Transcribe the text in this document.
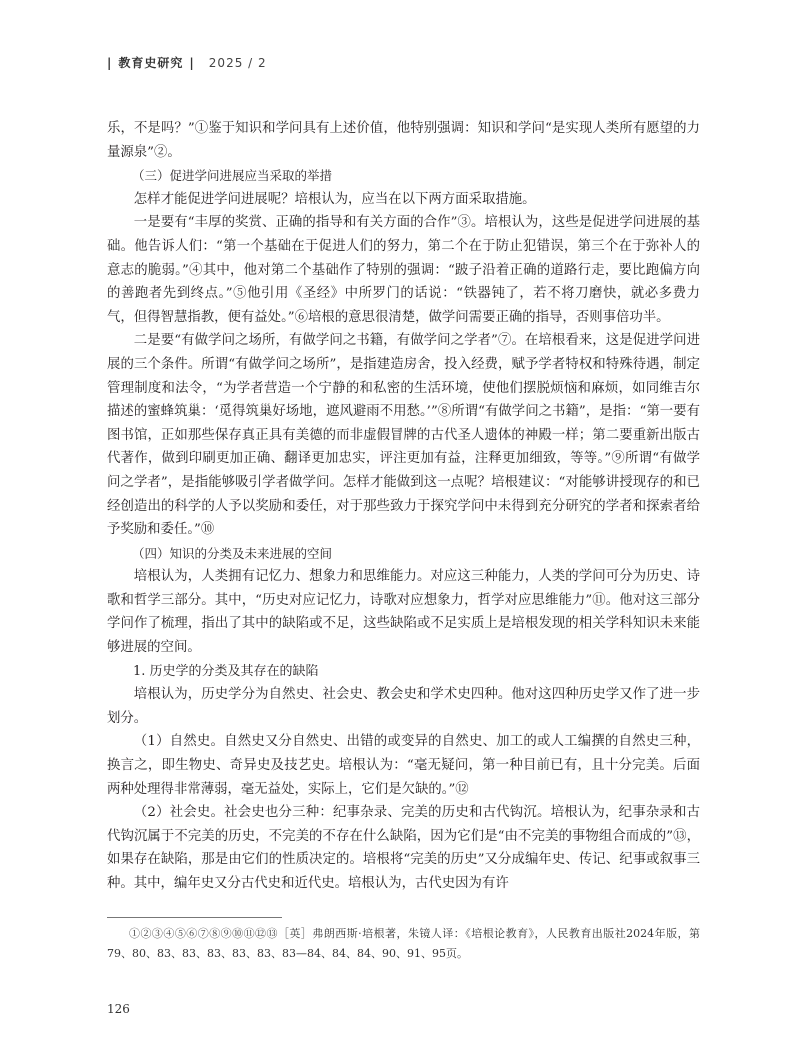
| 教育史研究 | 2025 / 2

乐，不是吗？”①鉴于知识和学问具有上述价值，他特别强调：知识和学问“是实现人类所有愿望的力量源泉”②。

（三）促进学问进展应当采取的举措

怎样才能促进学问进展呢？培根认为，应当在以下两方面采取措施。

一是要有“丰厚的奖赏、正确的指导和有关方面的合作”③。培根认为，这些是促进学问进展的基础。他告诉人们：“第一个基础在于促进人们的努力，第二个在于防止犯错误，第三个在于弥补人的意志的脆弱。”④其中，他对第二个基础作了特别的强调：“跛子沿着正确的道路行走，要比跑偏方向的善跑者先到终点。”⑤他引用《圣经》中所罗门的话说：“铁器钝了，若不将刀磨快，就必多费力气，但得智慧指教，便有益处。”⑥培根的意思很清楚，做学问需要正确的指导，否则事倍功半。

二是要“有做学问之场所，有做学问之书籍，有做学问之学者”⑦。在培根看来，这是促进学问进展的三个条件。所谓“有做学问之场所”，是指建造房舍，投入经费，赋予学者特权和特殊待遇，制定管理制度和法令，“为学者营造一个宁静的和私密的生活环境，使他们摆脱烦恼和麻烦，如同维吉尔描述的蜜蜂筑巢：‘觅得筑巢好场地，遮风避雨不用愁。’”⑧所谓“有做学问之书籍”，是指：“第一要有图书馆，正如那些保存真正具有美德的而非虚假冒牌的古代圣人遗体的神殿一样；第二要重新出版古代著作，做到印刷更加正确、翻译更加忠实，评注更加有益，注释更加细致，等等。”⑨所谓“有做学问之学者”，是指能够吸引学者做学问。怎样才能做到这一点呢？培根建议：“对能够讲授现存的和已经创造出的科学的人予以奖励和委任，对于那些致力于探究学问中未得到充分研究的学者和探索者给予奖励和委任。”⑩

（四）知识的分类及未来进展的空间

培根认为，人类拥有记忆力、想象力和思维能力。对应这三种能力，人类的学问可分为历史、诗歌和哲学三部分。其中，“历史对应记忆力，诗歌对应想象力，哲学对应思维能力”⑪。他对这三部分学问作了梳理，指出了其中的缺陷或不足，这些缺陷或不足实质上是培根发现的相关学科知识未来能够进展的空间。

1. 历史学的分类及其存在的缺陷

培根认为，历史学分为自然史、社会史、教会史和学术史四种。他对这四种历史学又作了进一步划分。

（1）自然史。自然史又分自然史、出错的或变异的自然史、加工的或人工编撰的自然史三种，换言之，即生物史、奇异史及技艺史。培根认为：“毫无疑问，第一种目前已有，且十分完美。后面两种处理得非常薄弱，毫无益处，实际上，它们是欠缺的。”⑫

（2）社会史。社会史也分三种：纪事杂录、完美的历史和古代钩沉。培根认为，纪事杂录和古代钩沉属于不完美的历史，不完美的不存在什么缺陷，因为它们是“由不完美的事物组合而成的”⑬，如果存在缺陷，那是由它们的性质决定的。培根将“完美的历史”又分成编年史、传记、纪事或叙事三种。其中，编年史又分古代史和近代史。培根认为，古代史因为有许

①②③④⑤⑥⑦⑧⑨⑩⑪⑫⑬［英］弗朗西斯·培根著，朱镜人译：《培根论教育》，人民教育出版社2024年版，第79、80、83、83、83、83、83、83—84、84、84、90、91、95页。
126
